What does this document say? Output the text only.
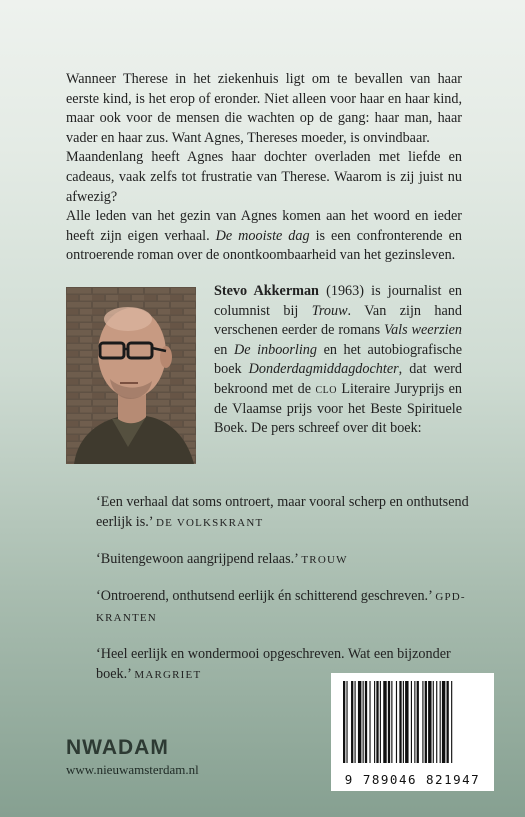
Wanneer Therese in het ziekenhuis ligt om te bevallen van haar eerste kind, is het erop of eronder. Niet alleen voor haar en haar kind, maar ook voor de mensen die wachten op de gang: haar man, haar vader en haar zus. Want Agnes, Thereses moeder, is onvindbaar.

Maandenlang heeft Agnes haar dochter overladen met liefde en cadeaus, vaak zelfs tot frustratie van Therese. Waarom is zij juist nu afwezig?

Alle leden van het gezin van Agnes komen aan het woord en ieder heeft zijn eigen verhaal. De mooiste dag is een confronterende en ontroerende roman over de onontkoombaarheid van het gezinsleven.

Stevo Akkerman (1963) is journalist en columnist bij Trouw. Van zijn hand verschenen eerder de romans Vals weerzien en De inboorling en het autobiografische boek Donderdagmiddagdochter, dat werd bekroond met de clo Literaire Juryprijs en de Vlaamse prijs voor het Beste Spirituele Boek. De pers schreef over dit boek:

‘Een verhaal dat soms ontroert, maar vooral scherp en onthutsend eerlijk is.’ DE VOLKSKRANT

‘Buitengewoon aangrijpend relaas.’ TROUW

‘Ontroerend, onthutsend eerlijk én schitterend geschreven.’ GPD-KRANTEN

‘Heel eerlijk en wondermooi opgeschreven. Wat een bijzonder boek.’ MARGRIET

NWADAM
www.nieuwamsterdam.nl
9 789046 821947
